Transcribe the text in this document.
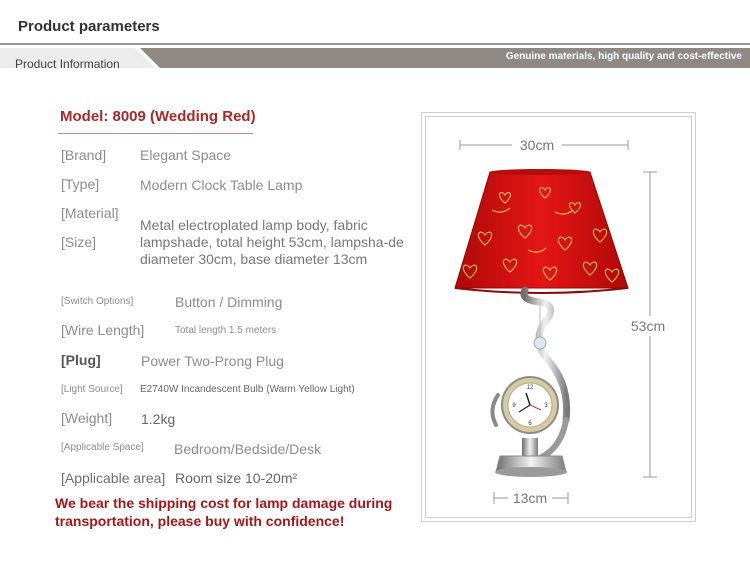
Product parameters
Product Information
Genuine materials, high quality and cost-effective
Model: 8009 (Wedding Red)
[Brand] Elegant Space
[Type]	Modern Clock Table Lamp
[Material]
[Size]
Metal electroplated lamp body, fabric lampshade, total height 53cm, lampsha-de diameter 30cm, base diameter 13cm
[Switch Options]	Button / Dimming
[Wire Length]	Total length 1.5 meters
[Plug]	Power Two-Prong Plug
[Light Source] E2740W Incandescent Bulb (Warm Yellow Light)
[Weight] 1.2kg
[Applicable Space] Bedroom/Bedside/Desk
[Applicable area] Room size 10-20m²
We bear the shipping cost for lamp damage during transportation, please buy with confidence!
30cm
53cm
13cm
12
3
6
9
